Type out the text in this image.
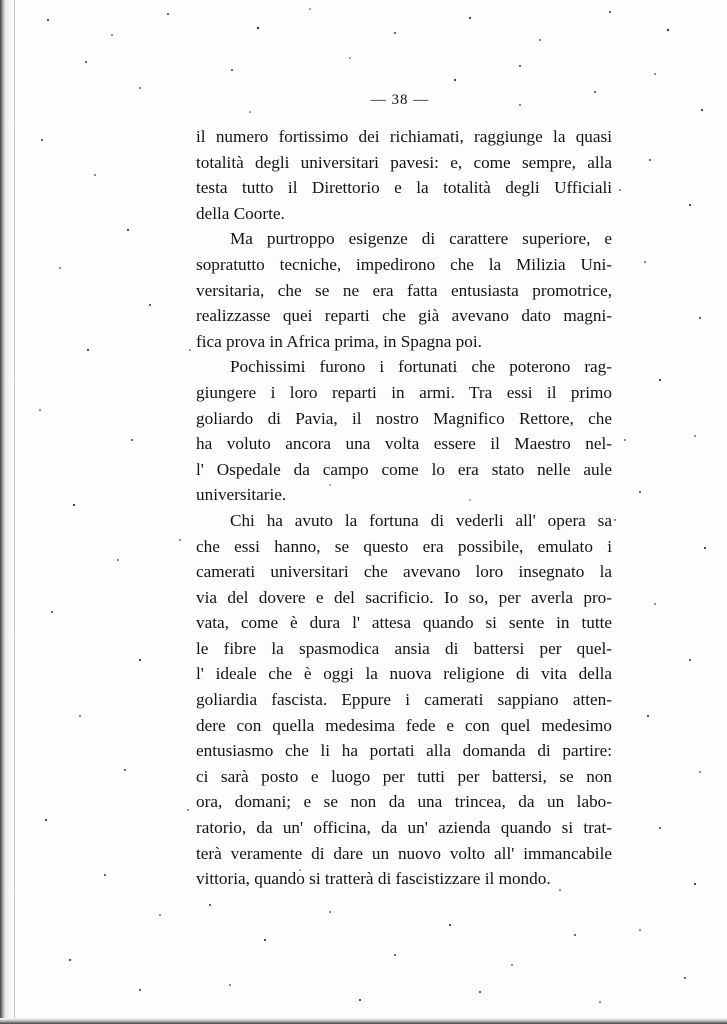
— 38 —
il numero fortissimo dei richiamati, raggiunge la quasi
totalità degli universitari pavesi: e, come sempre, alla
testa tutto il Direttorio e la totalità degli Ufficiali
della Coorte.
Ma purtroppo esigenze di carattere superiore, e
sopratutto tecniche, impedirono che la Milizia Uni-
versitaria, che se ne era fatta entusiasta promotrice,
realizzasse quei reparti che già avevano dato magni-
fica prova in Africa prima, in Spagna poi.
Pochissimi furono i fortunati che poterono rag-
giungere i loro reparti in armi. Tra essi il primo
goliardo di Pavia, il nostro Magnifico Rettore, che
ha voluto ancora una volta essere il Maestro nel-
l' Ospedale da campo come lo era stato nelle aule
universitarie.
Chi ha avuto la fortuna di vederli all' opera sa
che essi hanno, se questo era possibile, emulato i
camerati universitari che avevano loro insegnato la
via del dovere e del sacrificio. Io so, per averla pro-
vata, come è dura l' attesa quando si sente in tutte
le fibre la spasmodica ansia di battersi per quel-
l' ideale che è oggi la nuova religione di vita della
goliardia fascista. Eppure i camerati sappiano atten-
dere con quella medesima fede e con quel medesimo
entusiasmo che li ha portati alla domanda di partire:
ci sarà posto e luogo per tutti per battersi, se non
ora, domani; e se non da una trincea, da un labo-
ratorio, da un' officina, da un' azienda quando si trat-
terà veramente di dare un nuovo volto all' immancabile
vittoria, quando si tratterà di fascistizzare il mondo.
